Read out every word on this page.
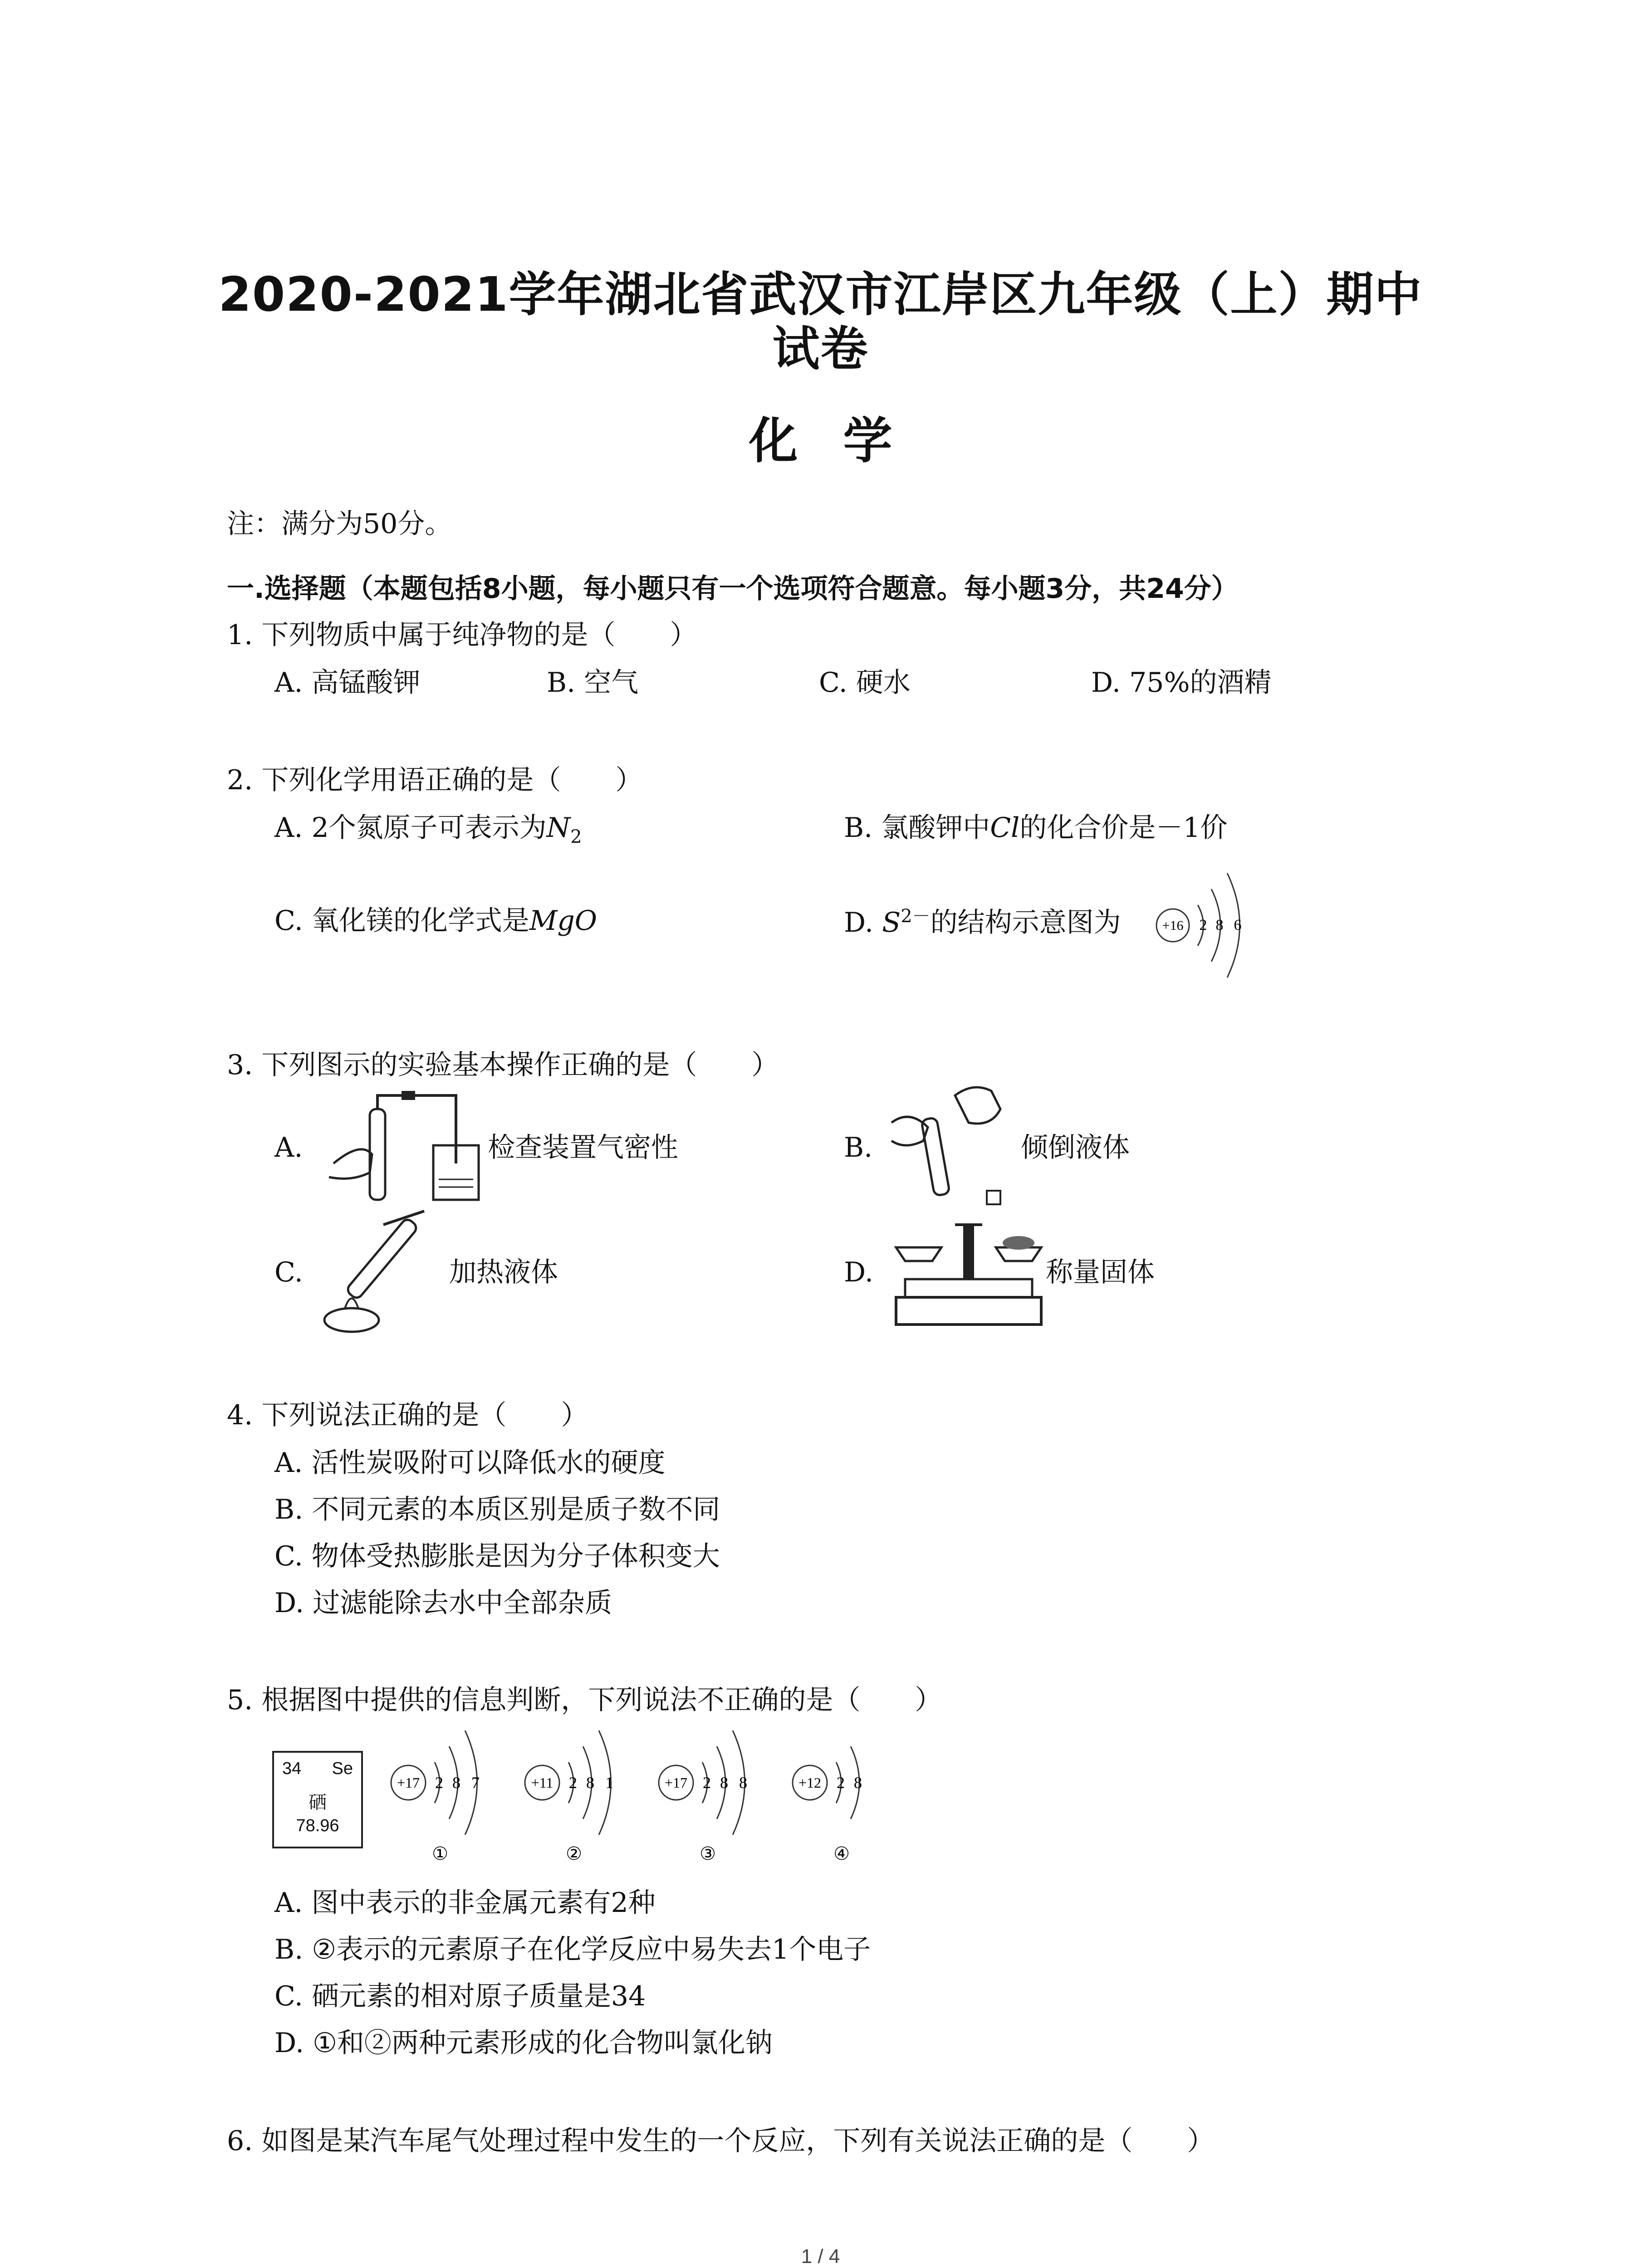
2020-2021学年湖北省武汉市江岸区九年级（上）期中
试卷
化学
注：满分为50分。
一.选择题（本题包括8小题，每小题只有一个选项符合题意。每小题3分，共24分）
1. 下列物质中属于纯净物的是（　　）
A. 高锰酸钾	B. 空气	C. 硬水	D. 75%的酒精
2. 下列化学用语正确的是（　　）
A. 2个氮原子可表示为$N_2$	B. 氯酸钾中Cl的化合价是－1价
C. 氧化镁的化学式是MgO	D. $S^{2-}$的结构示意图为	+16 2 8 6
3. 下列图示的实验基本操作正确的是（　　）
A.	检查装置气密性	B.	倾倒液体
C.	加热液体	D.	称量固体
4. 下列说法正确的是（　　）
A. 活性炭吸附可以降低水的硬度
B. 不同元素的本质区别是质子数不同
C. 物体受热膨胀是因为分子体积变大
D. 过滤能除去水中全部杂质
5. 根据图中提供的信息判断，下列说法不正确的是（　　）
34 Se
硒
78.96
+17 2 8 7
①
+11 2 8 1
②
+17 2 8 8
③
+12 2 8
④
A. 图中表示的非金属元素有2种
B. ②表示的元素原子在化学反应中易失去1个电子
C. 硒元素的相对原子质量是34
D. ①和②两种元素形成的化合物叫氯化钠
6. 如图是某汽车尾气处理过程中发生的一个反应，下列有关说法正确的是（　　）
1 / 4
